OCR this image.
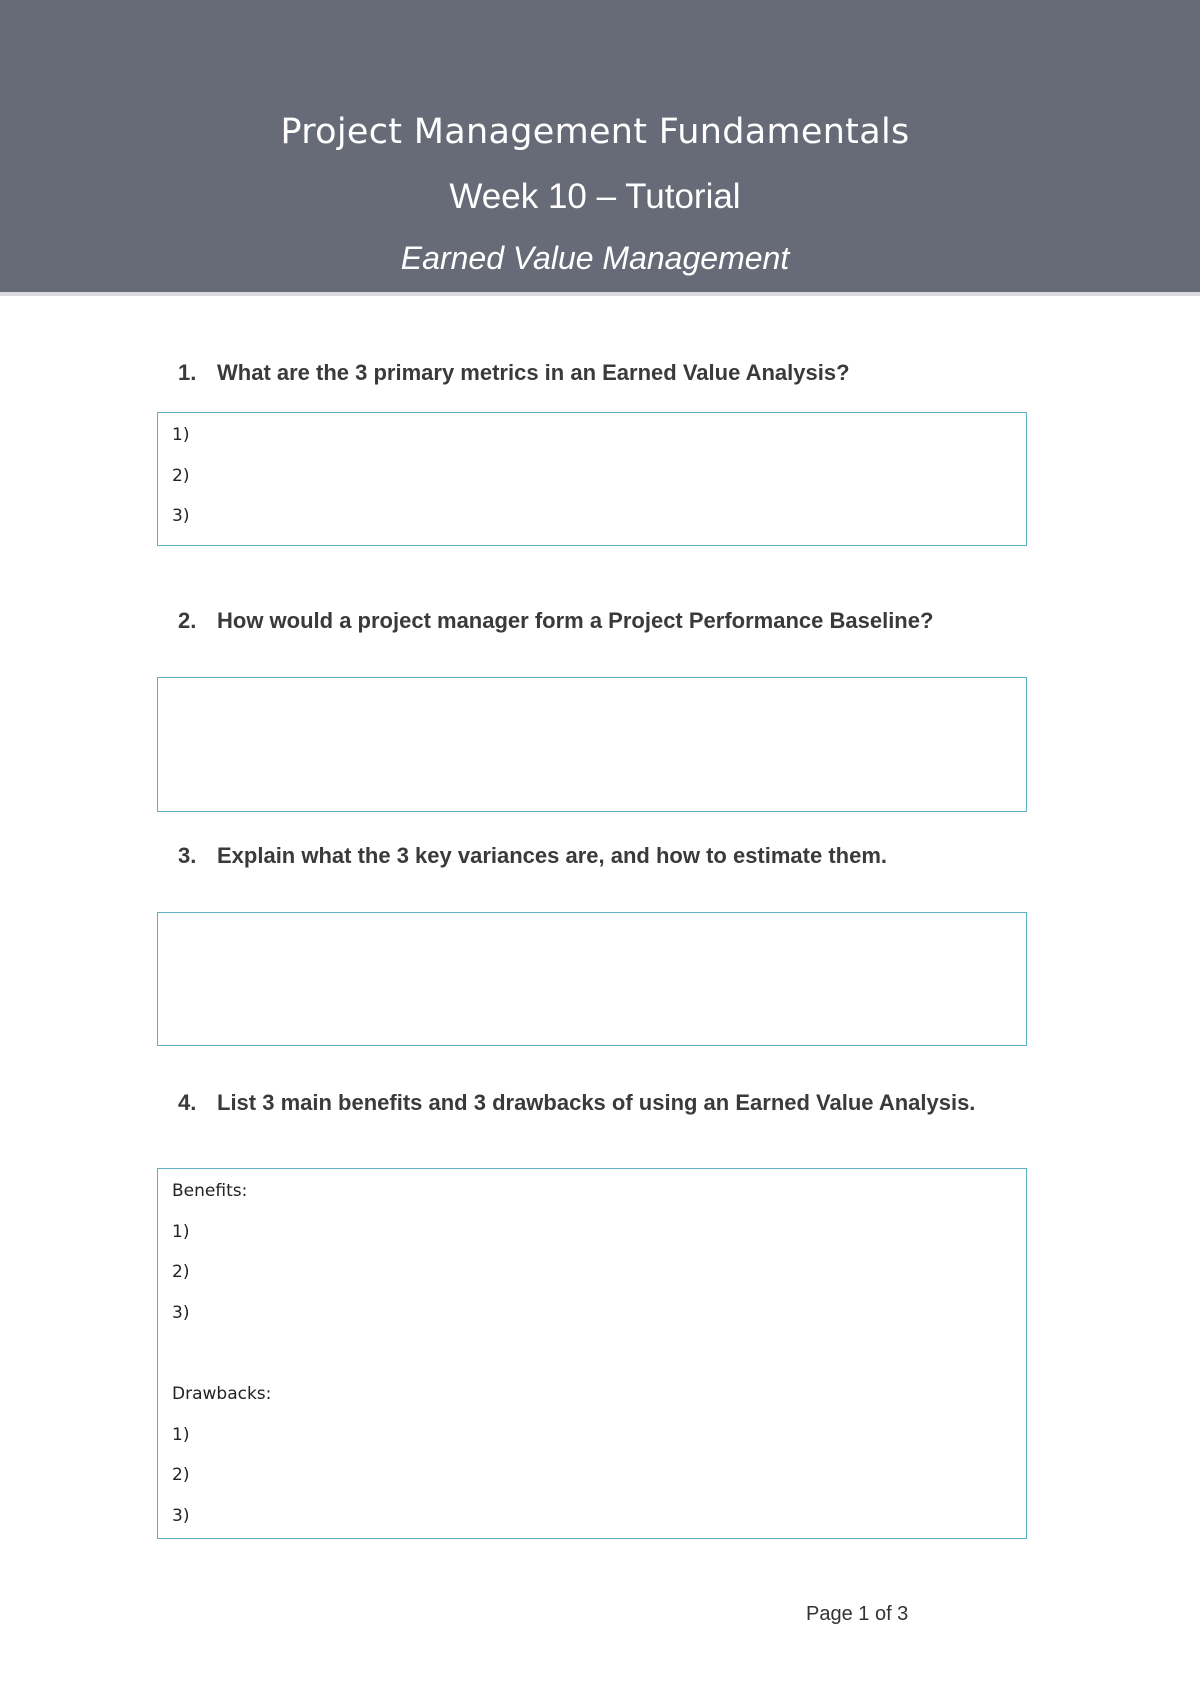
Project Management Fundamentals
Week 10 – Tutorial
Earned Value Management
1. What are the 3 primary metrics in an Earned Value Analysis?
1)
2)
3)
2. How would a project manager form a Project Performance Baseline?
3. Explain what the 3 key variances are, and how to estimate them.
4. List 3 main benefits and 3 drawbacks of using an Earned Value Analysis.
Benefits:
1)
2)
3)
Drawbacks:
1)
2)
3)
Page 1 of 3
